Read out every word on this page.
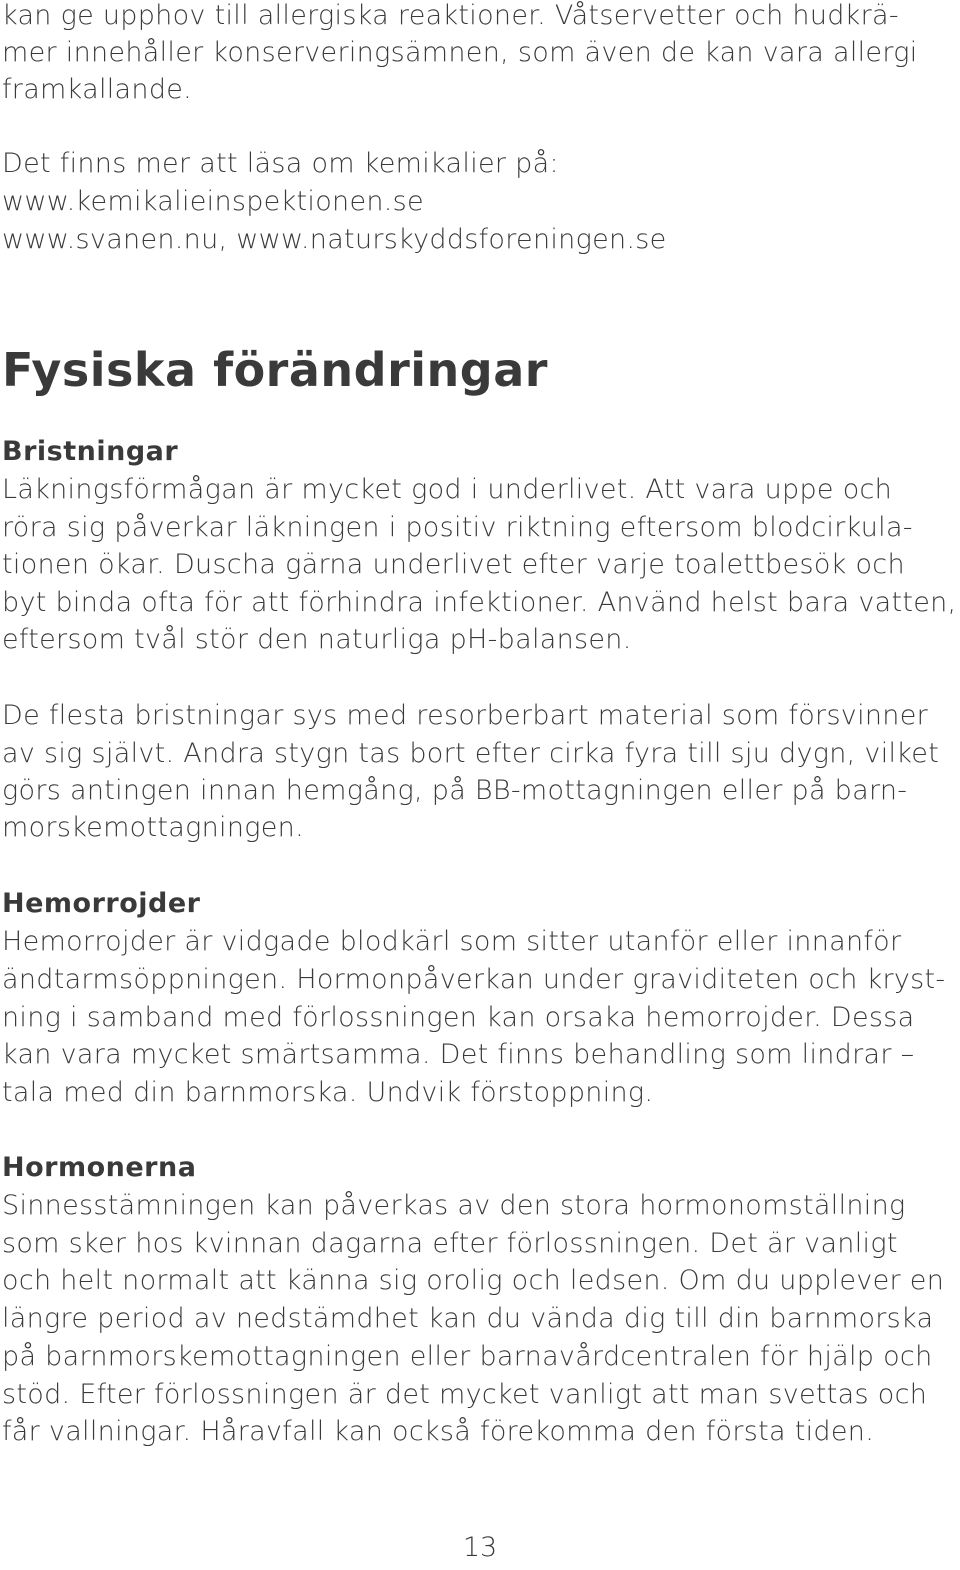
kan ge upphov till allergiska reaktioner. Våtservetter och hudkrä-

mer innehåller konserveringsämnen, som även de kan vara allergi

framkallande.

Det finns mer att läsa om kemikalier på:

www.kemikalieinspektionen.se

www.svanen.nu, www.naturskyddsforeningen.se

Fysiska förändringar
Bristningar

Läkningsförmågan är mycket god i underlivet. Att vara uppe och

röra sig påverkar läkningen i positiv riktning eftersom blodcirkula-

tionen ökar. Duscha gärna underlivet efter varje toalettbesök och

byt binda ofta för att förhindra infektioner. Använd helst bara vatten,

eftersom tvål stör den naturliga pH-balansen.

De flesta bristningar sys med resorberbart material som försvinner

av sig självt. Andra stygn tas bort efter cirka fyra till sju dygn, vilket

görs antingen innan hemgång, på BB-mottagningen eller på barn-

morskemottagningen.

Hemorrojder

Hemorrojder är vidgade blodkärl som sitter utanför eller innanför

ändtarmsöppningen. Hormonpåverkan under graviditeten och kryst-

ning i samband med förlossningen kan orsaka hemorrojder. Dessa

kan vara mycket smärtsamma. Det finns behandling som lindrar –

tala med din barnmorska. Undvik förstoppning.

Hormonerna

Sinnesstämningen kan påverkas av den stora hormonomställning

som sker hos kvinnan dagarna efter förlossningen. Det är vanligt

och helt normalt att känna sig orolig och ledsen. Om du upplever en

längre period av nedstämdhet kan du vända dig till din barnmorska

på barnmorskemottagningen eller barnavårdcentralen för hjälp och

stöd. Efter förlossningen är det mycket vanligt att man svettas och

får vallningar. Håravfall kan också förekomma den första tiden.

13
